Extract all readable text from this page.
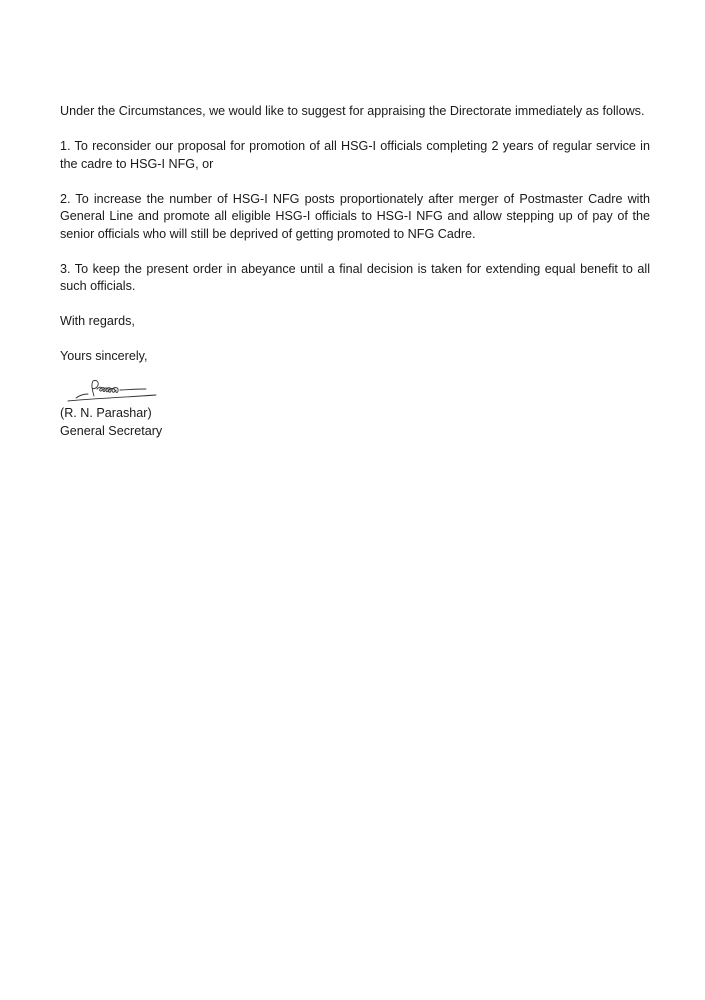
Under the Circumstances, we would like to suggest for appraising the Directorate immediately as follows.

1. To reconsider our proposal for promotion of all HSG-I officials completing 2 years of regular service in the cadre to HSG-I NFG, or

2. To increase the number of HSG-I NFG posts proportionately after merger of Postmaster Cadre with General Line and promote all eligible HSG-I officials to HSG-I NFG and allow stepping up of pay of the senior officials who will still be deprived of getting promoted to NFG Cadre.

3. To keep the present order in abeyance until a final decision is taken for extending equal benefit to all such officials.

With regards,

Yours sincerely,

(R. N. Parashar)

General Secretary
